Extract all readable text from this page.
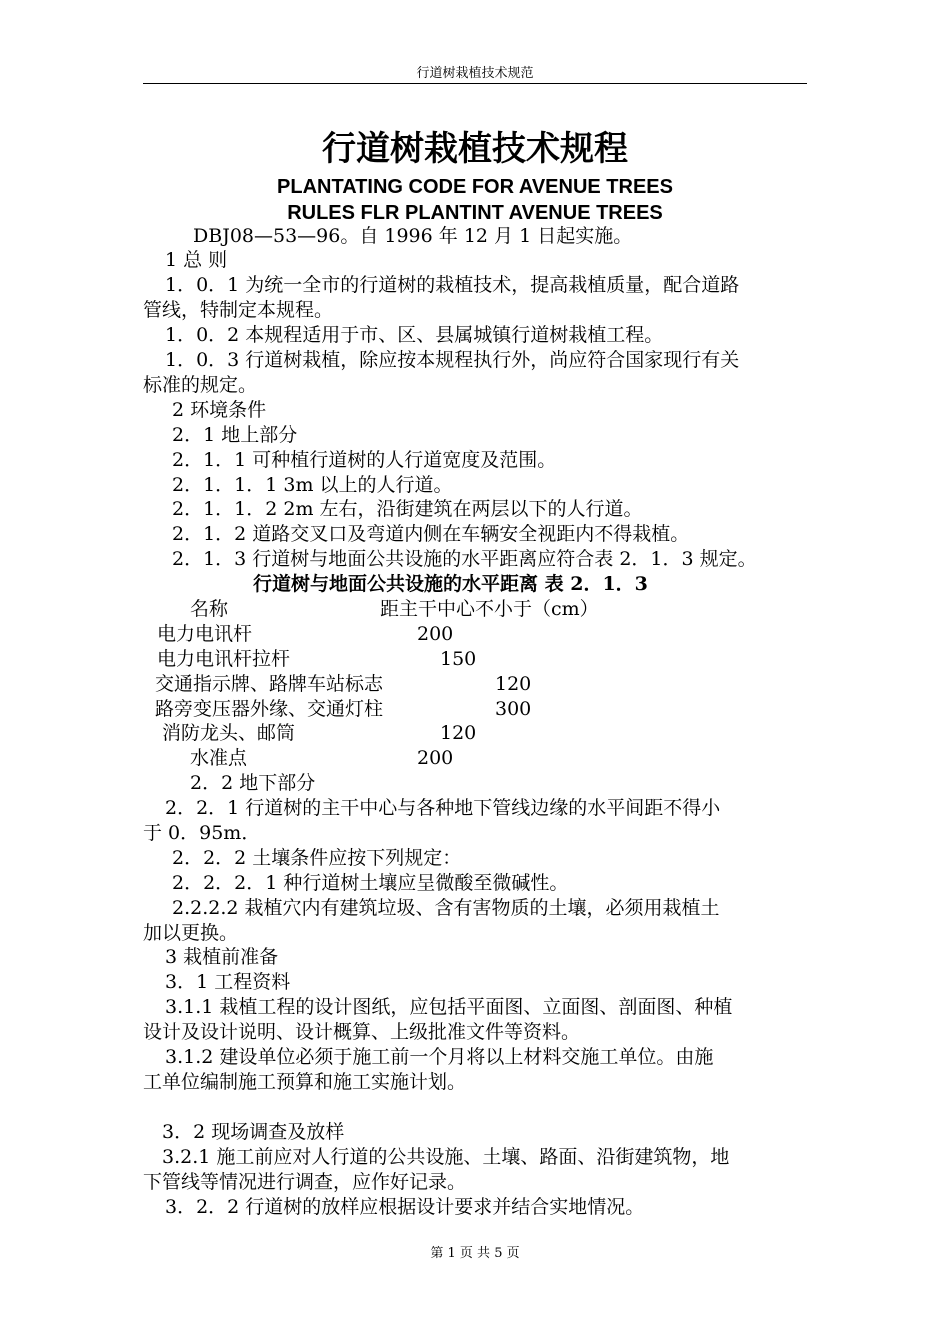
行道树栽植技术规范
行道树栽植技术规程
PLANTATING CODE FOR AVENUE TREES
RULES FLR PLANTINT AVENUE TREES
DBJ08—53—96。自 1996 年 12 月 1 日起实施。
1 总 则
1．0．1 为统一全市的行道树的栽植技术，提高栽植质量，配合道路
管线，特制定本规程。
1．0．2 本规程适用于市、区、县属城镇行道树栽植工程。
1．0．3 行道树栽植，除应按本规程执行外，尚应符合国家现行有关
标准的规定。
2 环境条件
2．1 地上部分
2．1．1 可种植行道树的人行道宽度及范围。
2．1．1．1 3m 以上的人行道。
2．1．1．2 2m 左右，沿街建筑在两层以下的人行道。
2．1．2 道路交叉口及弯道内侧在车辆安全视距内不得栽植。
2．1．3 行道树与地面公共设施的水平距离应符合表 2．1．3 规定。
行道树与地面公共设施的水平距离 表 2．1．3
名称	距主干中心不小于（cm）
电力电讯杆	200
电力电讯杆拉杆	150
交通指示牌、路牌车站标志	120
路旁变压器外缘、交通灯柱	300
消防龙头、邮筒	120
水准点	200
2．2 地下部分
2．2．1 行道树的主干中心与各种地下管线边缘的水平间距不得小
于 0．95m．
2．2．2 土壤条件应按下列规定：
2．2．2．1 种行道树土壤应呈微酸至微碱性。
2.2.2.2 栽植穴内有建筑垃圾、含有害物质的土壤，必须用栽植土
加以更换。
3 栽植前准备
3．1 工程资料
3.1.1 栽植工程的设计图纸，应包括平面图、立面图、剖面图、种植
设计及设计说明、设计概算、上级批准文件等资料。
3.1.2 建设单位必须于施工前一个月将以上材料交施工单位。由施
工单位编制施工预算和施工实施计划。
3．2 现场调查及放样
3.2.1 施工前应对人行道的公共设施、土壤、路面、沿街建筑物，地
下管线等情况进行调查，应作好记录。
3．2．2 行道树的放样应根据设计要求并结合实地情况。
第 1 页 共 5 页
